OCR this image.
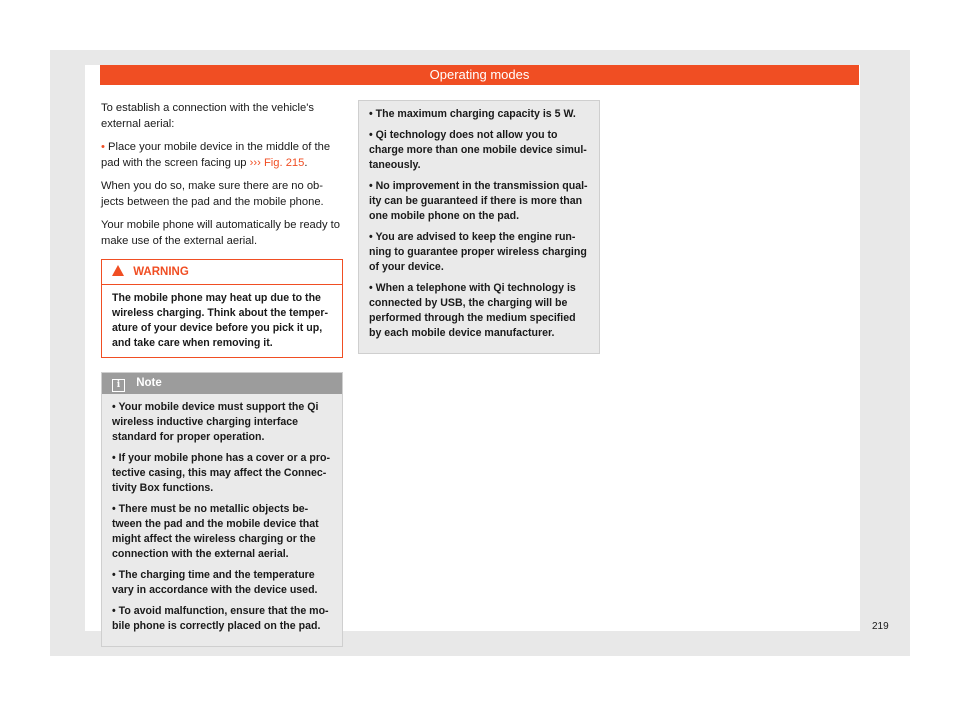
Operating modes

To establish a connection with the vehicle's external aerial:

• Place your mobile device in the middle of the pad with the screen facing up ››› Fig. 215.

When you do so, make sure there are no ob-jects between the pad and the mobile phone.

Your mobile phone will automatically be ready to make use of the external aerial.

WARNING
The mobile phone may heat up due to the wireless charging. Think about the temper-ature of your device before you pick it up, and take care when removing it.
i Note
• Your mobile device must support the Qi wireless inductive charging interface standard for proper operation.
• If your mobile phone has a cover or a pro-tective casing, this may affect the Connec-tivity Box functions.
• There must be no metallic objects be-tween the pad and the mobile device that might affect the wireless charging or the connection with the external aerial.
• The charging time and the temperature vary in accordance with the device used.
• To avoid malfunction, ensure that the mo-bile phone is correctly placed on the pad.
• The maximum charging capacity is 5 W.
• Qi technology does not allow you to charge more than one mobile device simul-taneously.
• No improvement in the transmission qual-ity can be guaranteed if there is more than one mobile phone on the pad.
• You are advised to keep the engine run-ning to guarantee proper wireless charging of your device.
• When a telephone with Qi technology is connected by USB, the charging will be performed through the medium specified by each mobile device manufacturer.
219
